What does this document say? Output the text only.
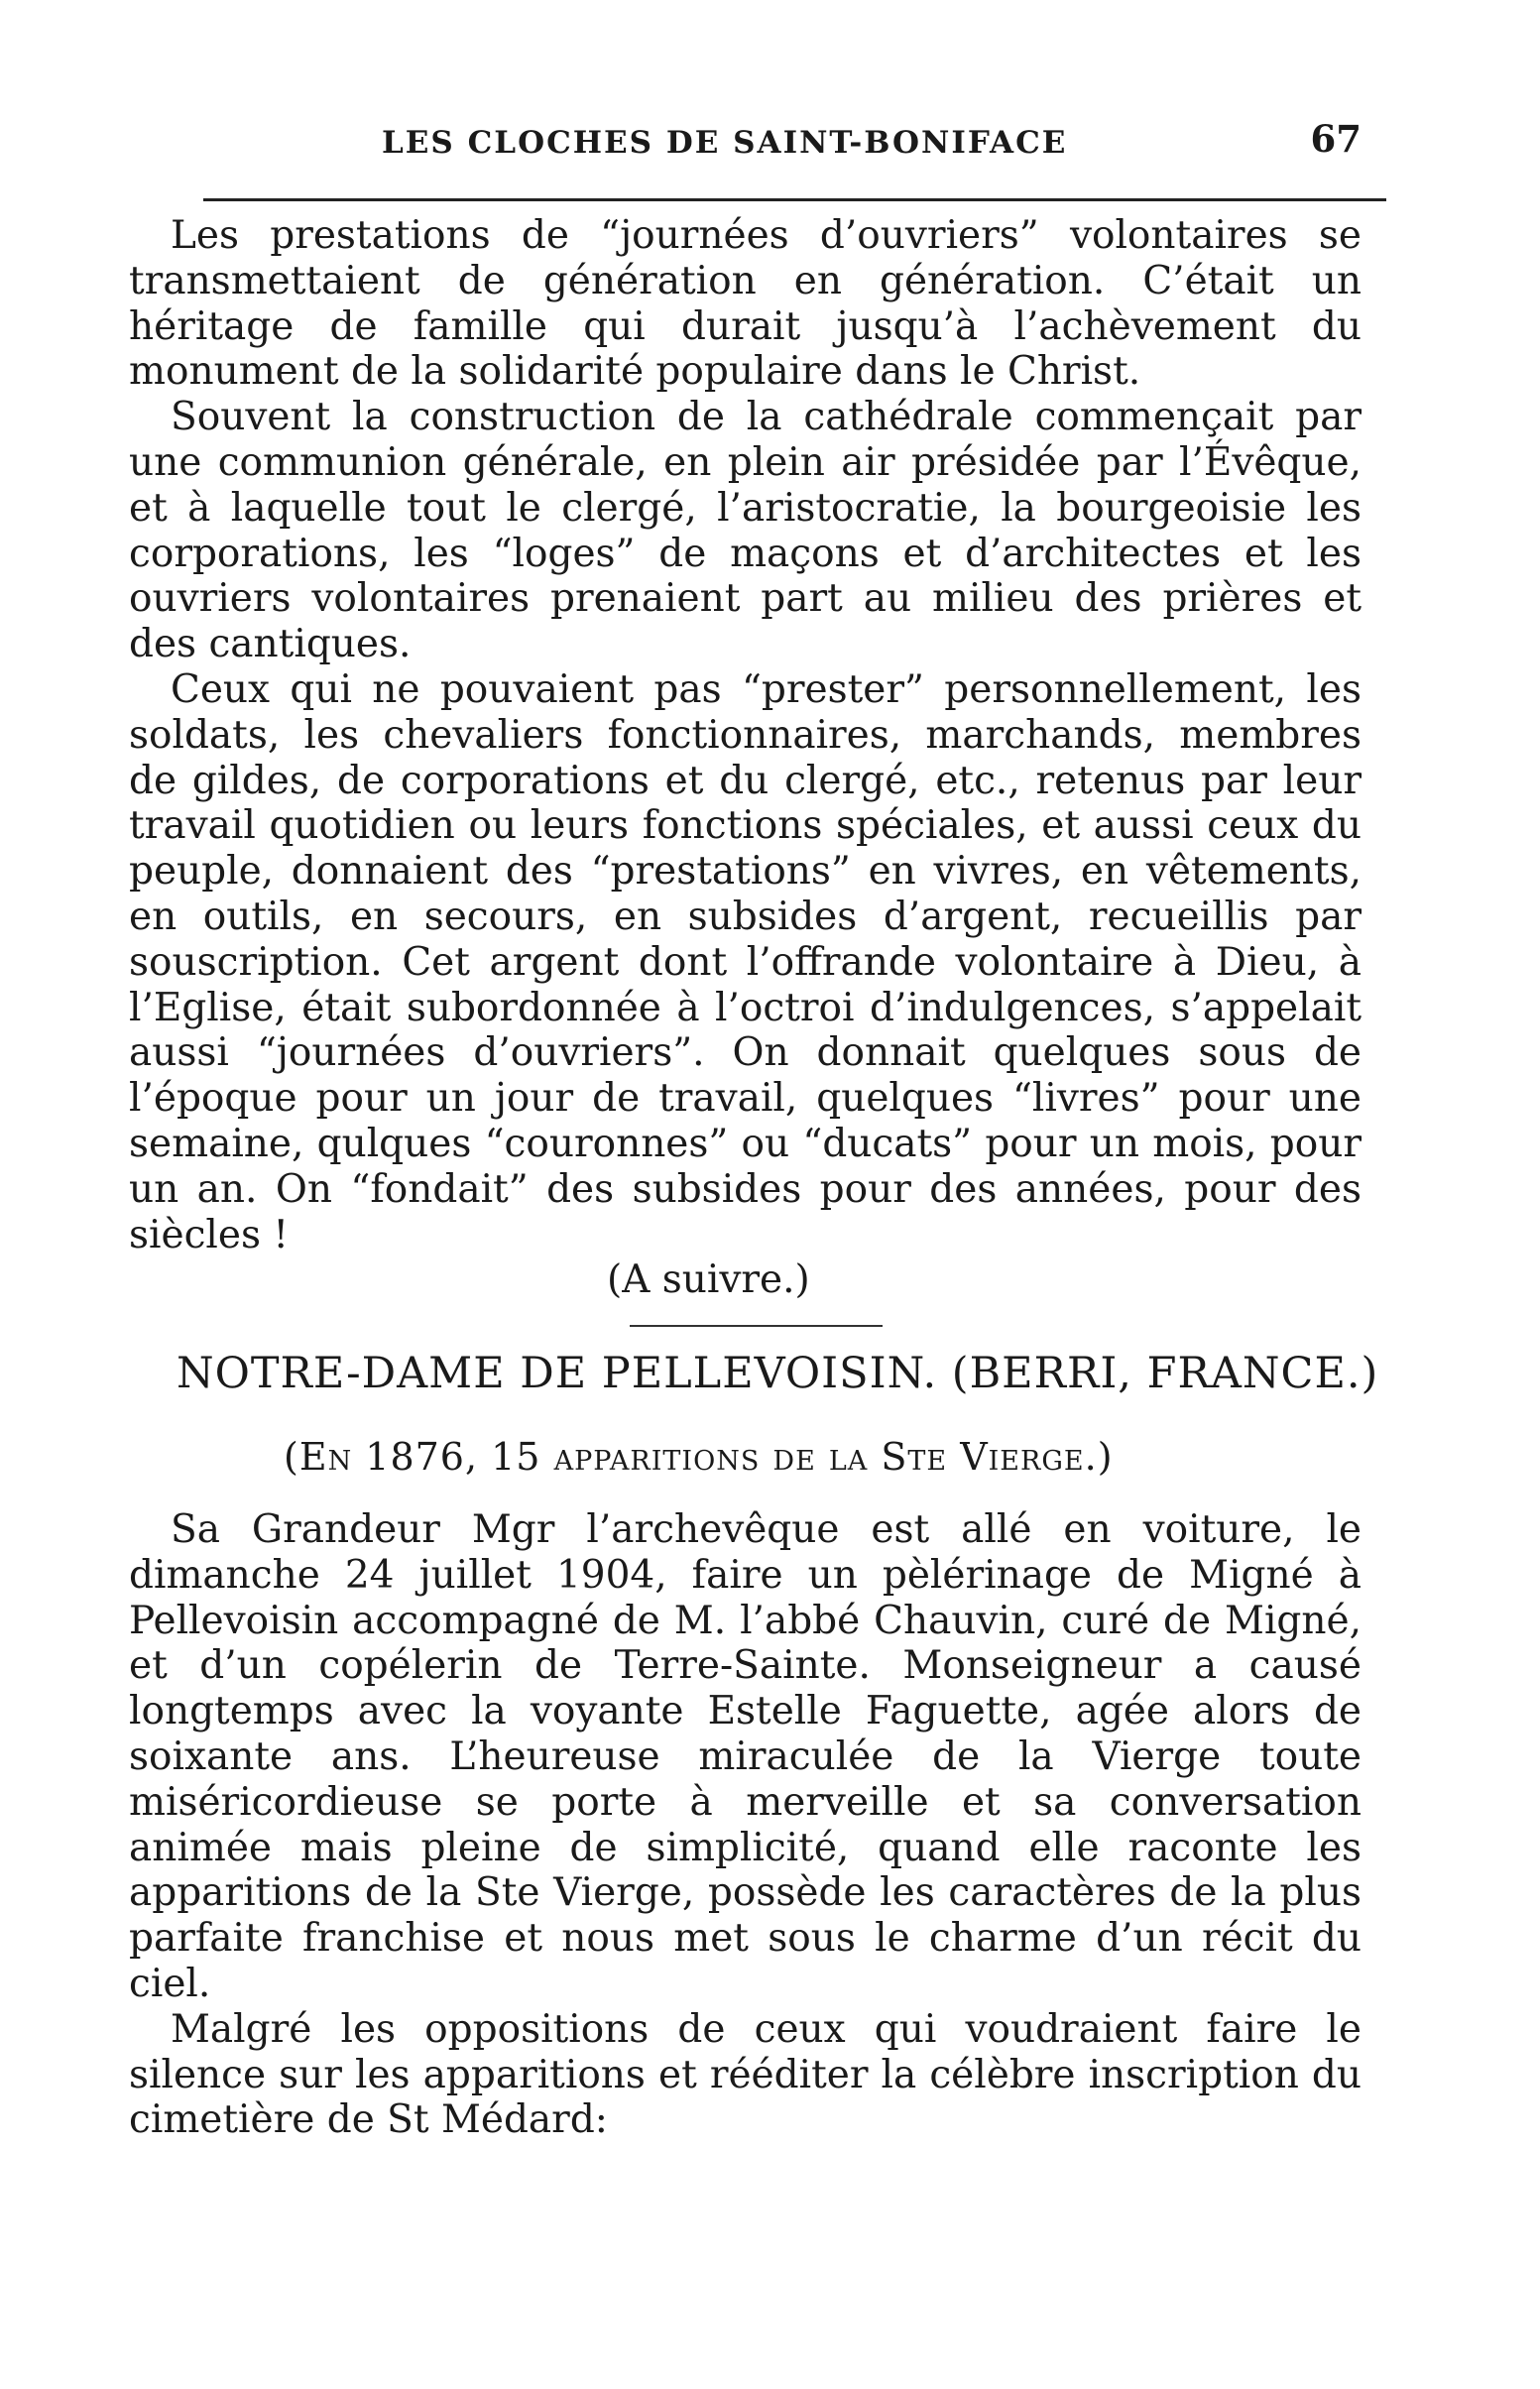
LES CLOCHES DE SAINT-BONIFACE	67

Les prestations de “journées d’ouvriers” volontaires se transmettaient de génération en génération. C’était un héritage de famille qui durait jusqu’à l’achèvement du monument de la solidarité populaire dans le Christ.

Souvent la construction de la cathédrale commençait par une communion générale, en plein air présidée par l’Évêque, et à laquelle tout le clergé, l’aristocratie, la bourgeoisie les corporations, les “loges” de maçons et d’architectes et les ouvriers volontaires prenaient part au milieu des prières et des cantiques.

Ceux qui ne pouvaient pas “prester” personnellement, les soldats, les chevaliers fonctionnaires, marchands, membres de gildes, de corporations et du clergé, etc., retenus par leur travail quotidien ou leurs fonctions spéciales, et aussi ceux du peuple, donnaient des “prestations” en vivres, en vêtements, en outils, en secours, en subsides d’argent, recueillis par souscription. Cet argent dont l’offrande volontaire à Dieu, à l’Eglise, était subordonnée à l’octroi d’indulgences, s’appelait aussi “journées d’ouvriers”. On donnait quelques sous de l’époque pour un jour de travail, quelques “livres” pour une semaine, qulques “couronnes” ou “ducats” pour un mois, pour un an. On “fondait” des subsides pour des années, pour des siècles !

(A suivre.)
NOTRE-DAME DE PELLEVOISIN. (BERRI, FRANCE.)
(En 1876, 15 apparitions de la Ste Vierge.)

Sa Grandeur Mgr l’archevêque est allé en voiture, le dimanche 24 juillet 1904, faire un pèlérinage de Migné à Pellevoisin accompagné de M. l’abbé Chauvin, curé de Migné, et d’un copélerin de Terre-Sainte. Monseigneur a causé longtemps avec la voyante Estelle Faguette, agée alors de soixante ans. L’heureuse miraculée de la Vierge toute miséricordieuse se porte à merveille et sa conversation animée mais pleine de simplicité, quand elle raconte les apparitions de la Ste Vierge, possède les caractères de la plus parfaite franchise et nous met sous le charme d’un récit du ciel.

Malgré les oppositions de ceux qui voudraient faire le silence sur les apparitions et rééditer la célèbre inscription du cimetière de St Médard:
